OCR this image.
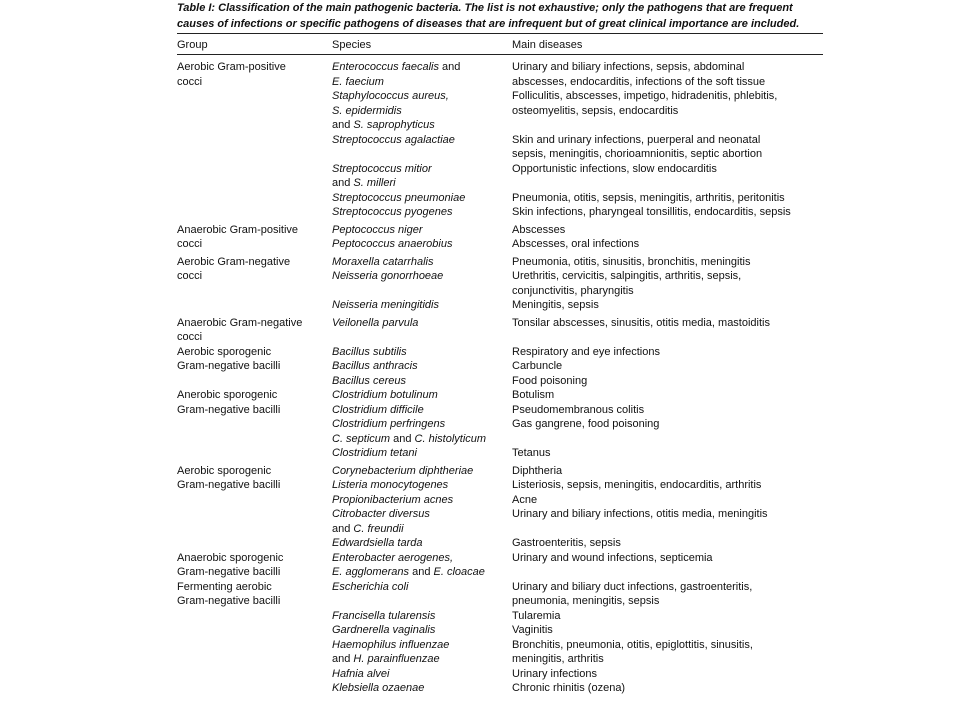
Table I: Classification of the main pathogenic bacteria. The list is not exhaustive; only the pathogens that are frequent
causes of infections or specific pathogens of diseases that are infrequent but of great clinical importance are included.

Group	Species	Main diseases
Aerobic Gram-positive	Enterococcus faecalis and	Urinary and biliary infections, sepsis, abdominal
cocci	E. faecium	abscesses, endocarditis, infections of the soft tissue
	Staphylococcus aureus,	Folliculitis, abscesses, impetigo, hidradenitis, phlebitis,
	S. epidermidis	osteomyelitis, sepsis, endocarditis
	and S. saprophyticus	
	Streptococcus agalactiae	Skin and urinary infections, puerperal and neonatal
		sepsis, meningitis, chorioamnionitis, septic abortion
	Streptococcus mitior	Opportunistic infections, slow endocarditis
	and S. milleri	
	Streptococcus pneumoniae	Pneumonia, otitis, sepsis, meningitis, arthritis, peritonitis
	Streptococcus pyogenes	Skin infections, pharyngeal tonsillitis, endocarditis, sepsis
Anaerobic Gram-positive	Peptococcus niger	Abscesses
cocci	Peptococcus anaerobius	Abscesses, oral infections
Aerobic Gram-negative	Moraxella catarrhalis	Pneumonia, otitis, sinusitis, bronchitis, meningitis
cocci	Neisseria gonorrhoeae	Urethritis, cervicitis, salpingitis, arthritis, sepsis,
		conjunctivitis, pharyngitis
	Neisseria meningitidis	Meningitis, sepsis
Anaerobic Gram-negative	Veilonella parvula	Tonsilar abscesses, sinusitis, otitis media, mastoiditis
cocci		
Aerobic sporogenic	Bacillus subtilis	Respiratory and eye infections
Gram-negative bacilli	Bacillus anthracis	Carbuncle
	Bacillus cereus	Food poisoning
Anerobic sporogenic	Clostridium botulinum	Botulism
Gram-negative bacilli	Clostridium difficile	Pseudomembranous colitis
	Clostridium perfringens	Gas gangrene, food poisoning
	C. septicum and C. histolyticum	
	Clostridium tetani	Tetanus
Aerobic sporogenic	Corynebacterium diphtheriae	Diphtheria
Gram-negative bacilli	Listeria monocytogenes	Listeriosis, sepsis, meningitis, endocarditis, arthritis
	Propionibacterium acnes	Acne
	Citrobacter diversus	Urinary and biliary infections, otitis media, meningitis
	and C. freundii	
	Edwardsiella tarda	Gastroenteritis, sepsis
Anaerobic sporogenic	Enterobacter aerogenes,	Urinary and wound infections, septicemia
Gram-negative bacilli	E. agglomerans and E. cloacae	
Fermenting aerobic	Escherichia coli	Urinary and biliary duct infections, gastroenteritis,
Gram-negative bacilli		pneumonia, meningitis, sepsis
	Francisella tularensis	Tularemia
	Gardnerella vaginalis	Vaginitis
	Haemophilus influenzae	Bronchitis, pneumonia, otitis, epiglottitis, sinusitis,
	and H. parainfluenzae	meningitis, arthritis
	Hafnia alvei	Urinary infections
	Klebsiella ozaenae	Chronic rhinitis (ozena)
